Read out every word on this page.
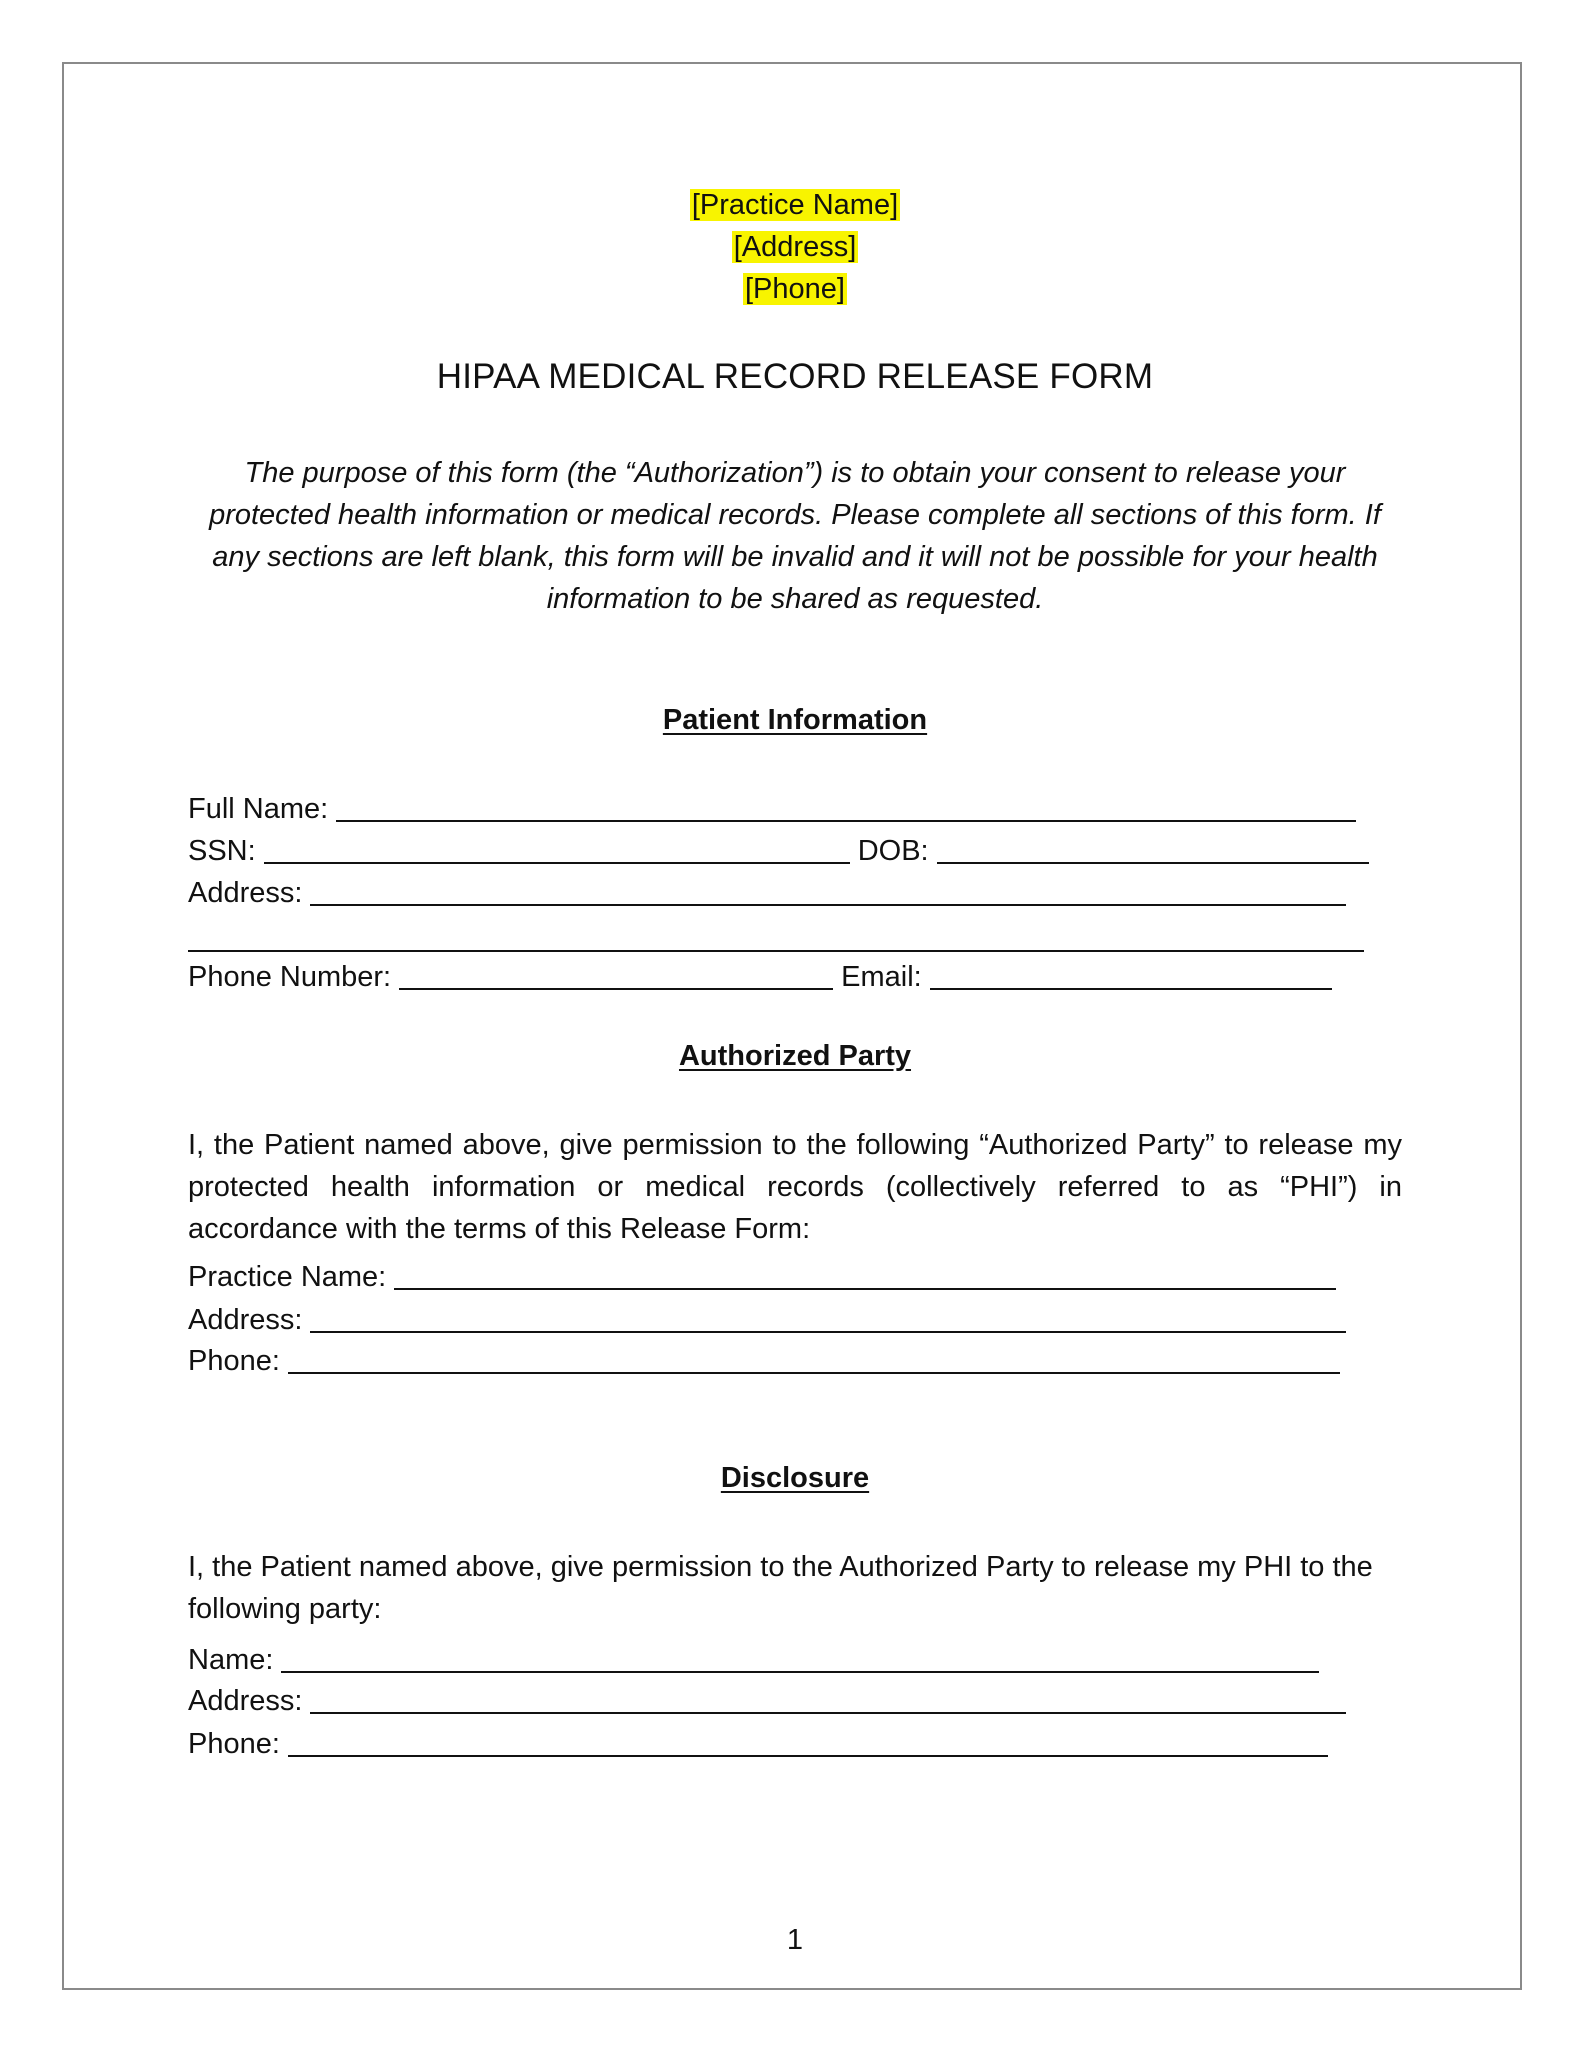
[Practice Name]
[Address]
[Phone]
HIPAA MEDICAL RECORD RELEASE FORM
The purpose of this form (the “Authorization”) is to obtain your consent to release your protected health information or medical records. Please complete all sections of this form. If any sections are left blank, this form will be invalid and it will not be possible for your health information to be shared as requested.
Patient Information
Full Name:
SSN:	DOB:
Address:
Phone Number:	Email:
Authorized Party
I, the Patient named above, give permission to the following “Authorized Party” to release my protected health information or medical records (collectively referred to as “PHI”) in accordance with the terms of this Release Form:
Practice Name:
Address:
Phone:
Disclosure
I, the Patient named above, give permission to the Authorized Party to release my PHI to the following party:
Name:
Address:
Phone:
1
